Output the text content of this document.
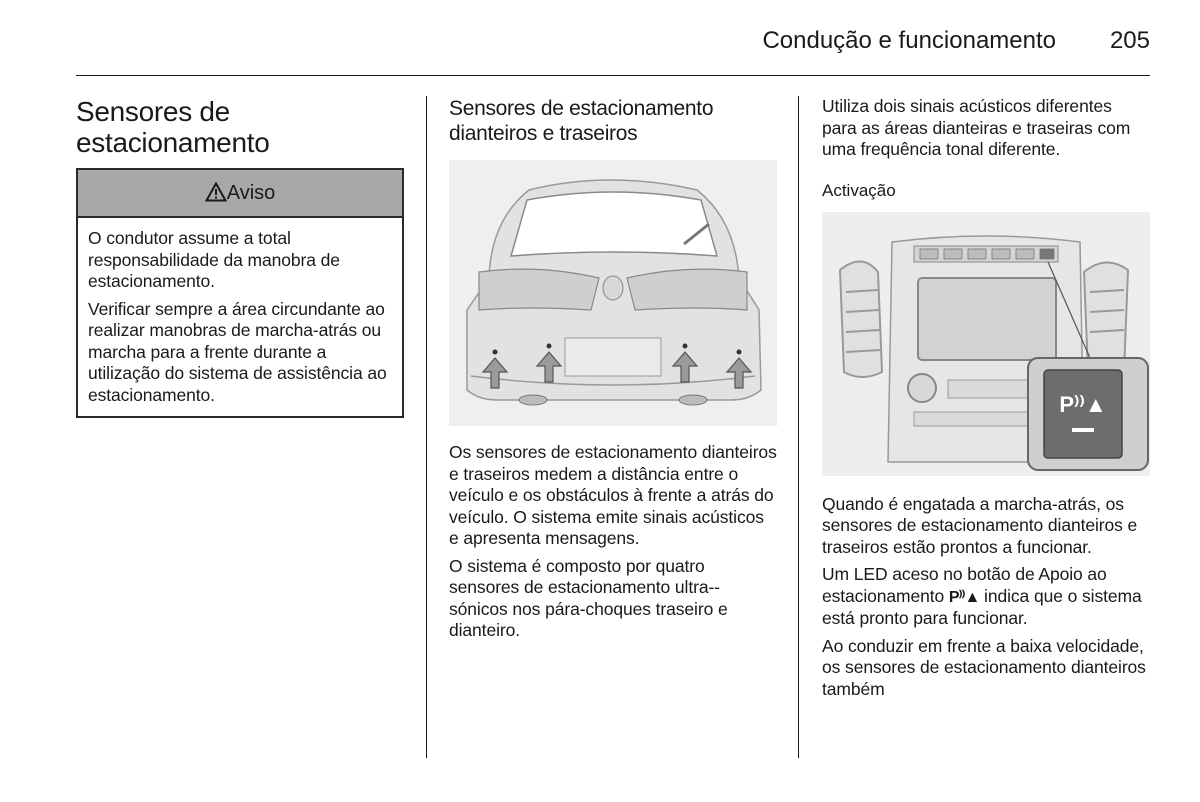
Condução e funcionamento	205
Sensores de estacionamento
Aviso

O condutor assume a total responsabilidade da manobra de estacionamento.

Verificar sempre a área circundante ao realizar manobras de marcha-atrás ou marcha para a frente durante a utilização do sistema de assistência ao estacionamento.

Sensores de estacionamento dianteiros e traseiros

Os sensores de estacionamento dianteiros e traseiros medem a distância entre o veículo e os obstáculos à frente a atrás do veículo. O sistema emite sinais acústicos e apresenta mensagens.

O sistema é composto por quatro sensores de estacionamento ultra--sónicos nos pára-choques traseiro e dianteiro.

Utiliza dois sinais acústicos diferentes para as áreas dianteiras e traseiras com uma frequência tonal diferente.

Activação
P⁾⁾▲

Quando é engatada a marcha-atrás, os sensores de estacionamento dianteiros e traseiros estão prontos a funcionar.

Um LED aceso no botão de Apoio ao estacionamento P⁾⁾▲ indica que o sistema está pronto para funcionar.

Ao conduzir em frente a baixa velocidade, os sensores de estacionamento dianteiros também
